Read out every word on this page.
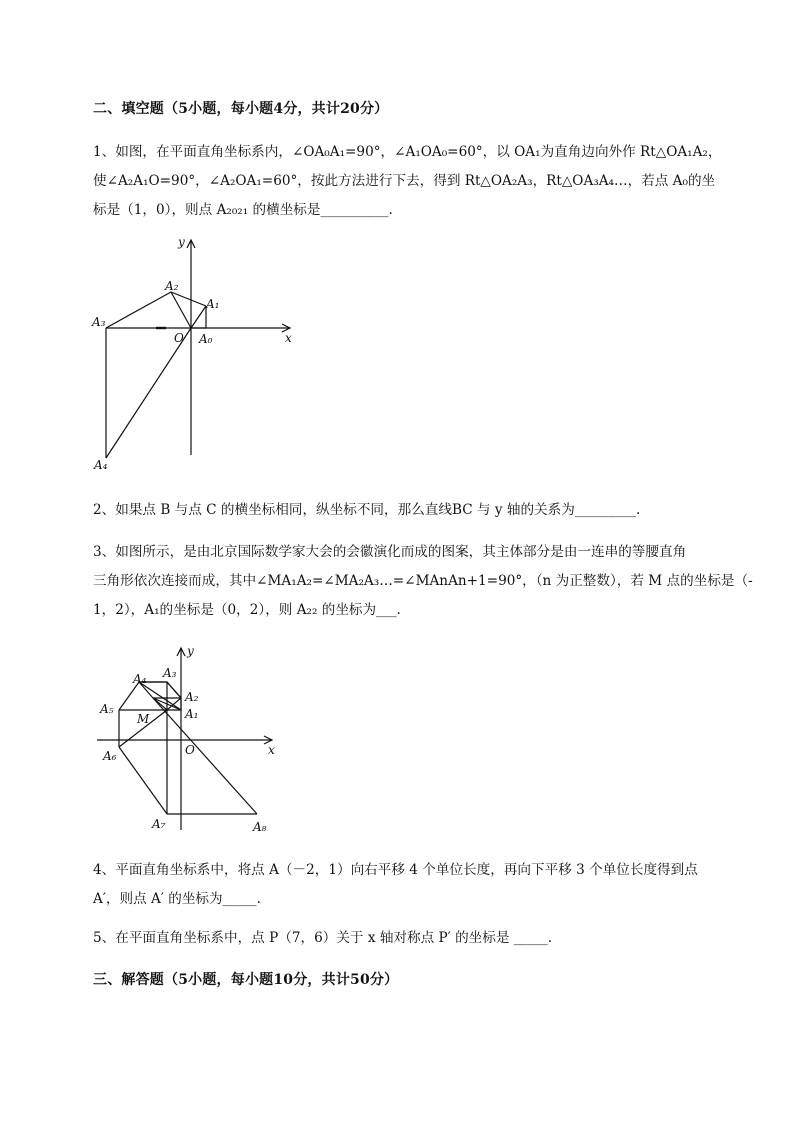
二、填空题（5小题，每小题4分，共计20分）
1、如图，在平面直角坐标系内，∠OA₀A₁=90°，∠A₁OA₀=60°，以 OA₁为直角边向外作 Rt△OA₁A₂，
使∠A₂A₁O=90°，∠A₂OA₁=60°，按此方法进行下去，得到 Rt△OA₂A₃，Rt△OA₃A₄…，若点 A₀的坐
标是（1，0），则点 A₂₀₂₁ 的横坐标是__________.
y
x
O A₀
A₁
A₂
A₃
A₄
2、如果点 B 与点 C 的横坐标相同，纵坐标不同，那么直线BC 与 y 轴的关系为_________.
3、如图所示，是由北京国际数学家大会的会徽演化而成的图案，其主体部分是由一连串的等腰直角
三角形依次连接而成，其中∠MA₁A₂=∠MA₂A₃…=∠MAnAn+1=90°，（n 为正整数），若 M 点的坐标是（-
1，2），A₁的坐标是（0，2），则 A₂₂ 的坐标为___.
y
x
O
M	A₁
A₂
A₃
A₄
A₅
A₆
A₇	A₈
4、平面直角坐标系中，将点 A（－2，1）向右平移 4 个单位长度，再向下平移 3 个单位长度得到点
A′，则点 A′ 的坐标为_____.
5、在平面直角坐标系中，点 P（7，6）关于 x 轴对称点 P′ 的坐标是 _____.
三、解答题（5小题，每小题10分，共计50分）
